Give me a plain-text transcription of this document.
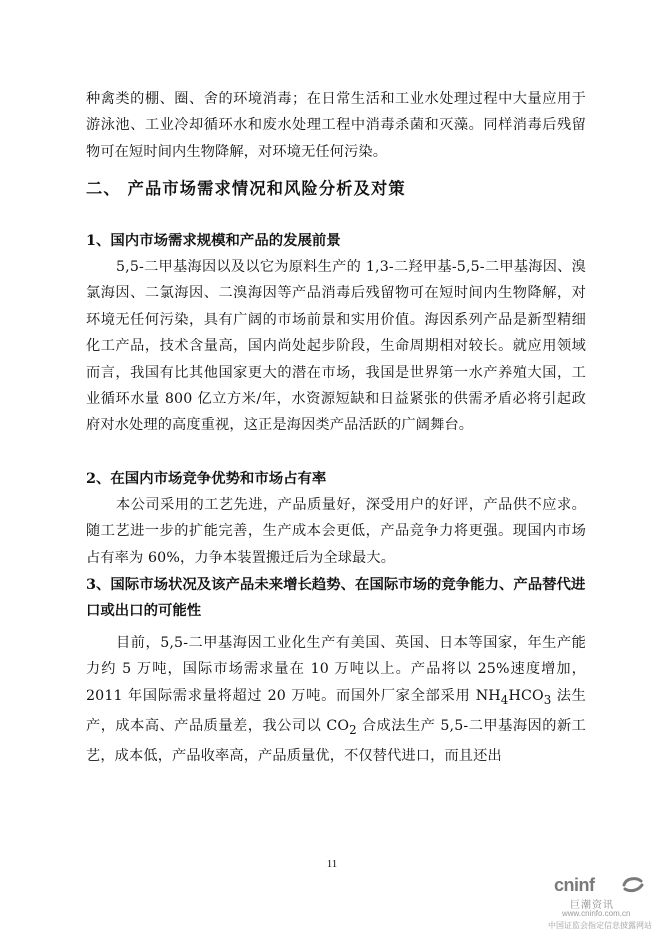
种禽类的棚、圈、舍的环境消毒；在日常生活和工业水处理过程中大量应用于游泳池、工业冷却循环水和废水处理工程中消毒杀菌和灭藻。同样消毒后残留物可在短时间内生物降解，对环境无任何污染。

二、 产品市场需求情况和风险分析及对策
1、国内市场需求规模和产品的发展前景

5,5-二甲基海因以及以它为原料生产的 1,3-二羟甲基-5,5-二甲基海因、溴氯海因、二氯海因、二溴海因等产品消毒后残留物可在短时间内生物降解，对环境无任何污染，具有广阔的市场前景和实用价值。海因系列产品是新型精细化工产品，技术含量高，国内尚处起步阶段，生命周期相对较长。就应用领域而言，我国有比其他国家更大的潜在市场，我国是世界第一水产养殖大国，工业循环水量 800 亿立方米/年，水资源短缺和日益紧张的供需矛盾必将引起政府对水处理的高度重视，这正是海因类产品活跃的广阔舞台。

2、在国内市场竞争优势和市场占有率

本公司采用的工艺先进，产品质量好，深受用户的好评，产品供不应求。随工艺进一步的扩能完善，生产成本会更低，产品竞争力将更强。现国内市场占有率为 60%，力争本装置搬迁后为全球最大。

3、国际市场状况及该产品未来增长趋势、在国际市场的竞争能力、产品替代进口或出口的可能性

目前，5,5-二甲基海因工业化生产有美国、英国、日本等国家，年生产能力约 5 万吨，国际市场需求量在 10 万吨以上。产品将以 25%速度增加，2011 年国际需求量将超过 20 万吨。而国外厂家全部采用 $NH_4HCO_3$ 法生产，成本高、产品质量差，我公司以 $CO_2$ 合成法生产 5,5-二甲基海因的新工艺，成本低，产品收率高，产品质量优，不仅替代进口，而且还出

11
cninf
巨潮资讯
www.cninfo.com.cn
中国证监会指定信息披露网站
